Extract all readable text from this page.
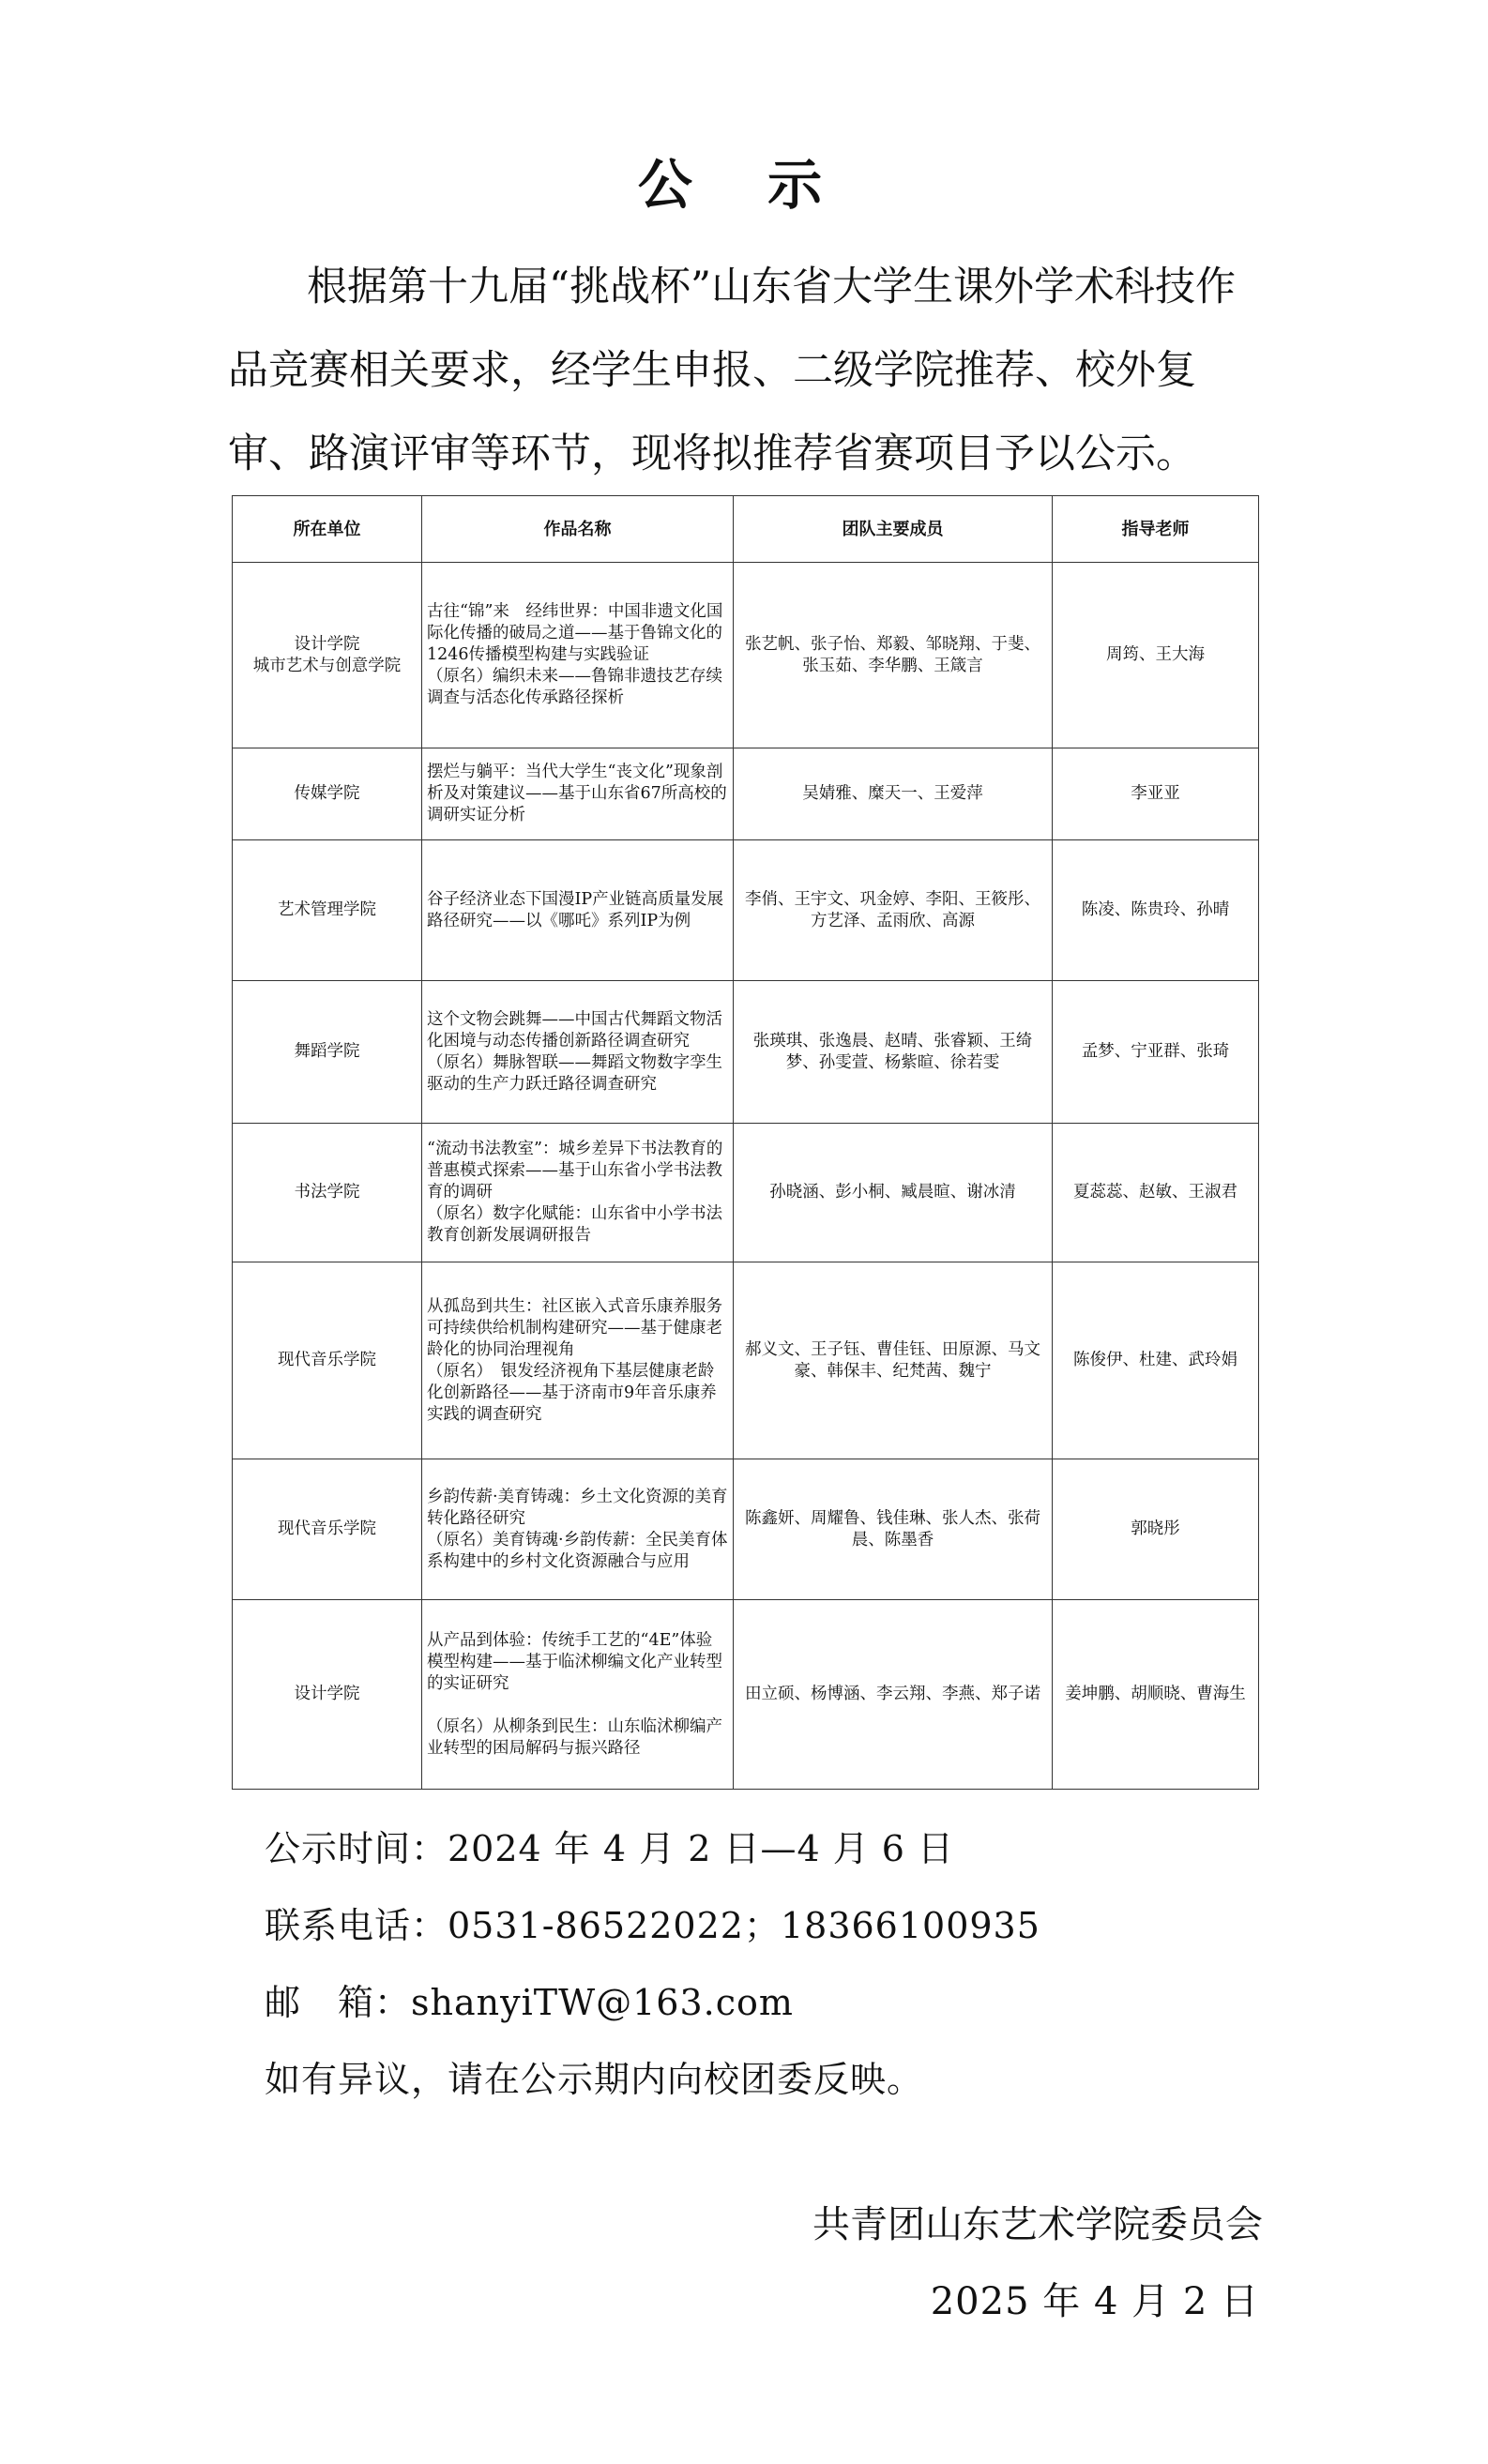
公 示

根据第十九届“挑战杯”山东省大学生课外学术科技作品竞赛相关要求，经学生申报、二级学院推荐、校外复审、路演评审等环节，现将拟推荐省赛项目予以公示。

所在单位	作品名称	团队主要成员	指导老师

设计学院
城市艺术与创意学院	古往“锦”来　经纬世界：中国非遗文化国际化传播的破局之道——基于鲁锦文化的1246传播模型构建与实践验证
（原名）编织未来——鲁锦非遗技艺存续调查与活态化传承路径探析	张艺帆、张子怡、郑毅、邹晓翔、于斐、张玉茹、李华鹏、王箴言	周筠、王大海

传媒学院	摆烂与躺平：当代大学生“丧文化”现象剖析及对策建议——基于山东省67所高校的调研实证分析	吴婧雅、糜天一、王爱萍	李亚亚

艺术管理学院	谷子经济业态下国漫IP产业链高质量发展路径研究——以《哪吒》系列IP为例	李俏、王宇文、巩金婷、李阳、王筱彤、方艺泽、孟雨欣、高源	陈凌、陈贵玲、孙晴

舞蹈学院	这个文物会跳舞——中国古代舞蹈文物活化困境与动态传播创新路径调查研究
（原名）舞脉智联——舞蹈文物数字孪生驱动的生产力跃迁路径调查研究	张瑛琪、张逸晨、赵晴、张睿颖、王绮梦、孙雯萱、杨紫暄、徐若雯	孟梦、宁亚群、张琦

书法学院	“流动书法教室”：城乡差异下书法教育的普惠模式探索——基于山东省小学书法教育的调研
（原名）数字化赋能：山东省中小学书法教育创新发展调研报告	孙晓涵、彭小桐、臧晨暄、谢冰清	夏蕊蕊、赵敏、王淑君

现代音乐学院	从孤岛到共生：社区嵌入式音乐康养服务可持续供给机制构建研究——基于健康老龄化的协同治理视角
（原名）　银发经济视角下基层健康老龄化创新路径——基于济南市9年音乐康养实践的调查研究	郝义文、王子钰、曹佳钰、田原源、马文豪、韩保丰、纪梵茜、魏宁	陈俊伊、杜建、武玲娟

现代音乐学院	乡韵传薪·美育铸魂：乡土文化资源的美育转化路径研究
（原名）美育铸魂·乡韵传薪：全民美育体系构建中的乡村文化资源融合与应用	陈鑫妍、周耀鲁、钱佳琳、张人杰、张荷晨、陈墨香	郭晓彤

设计学院	从产品到体验：传统手工艺的“4E”体验模型构建——基于临沭柳编文化产业转型的实证研究

（原名）从柳条到民生：山东临沭柳编产业转型的困局解码与振兴路径	田立硕、杨博涵、李云翔、李燕、郑子诺	姜坤鹏、胡顺晓、曹海生
公示时间：2024 年 4 月 2 日—4 月 6 日
联系电话：0531-86522022；18366100935
邮　箱：shanyiTW@163.com
如有异议，请在公示期内向校团委反映。
共青团山东艺术学院委员会
2025 年 4 月 2 日
